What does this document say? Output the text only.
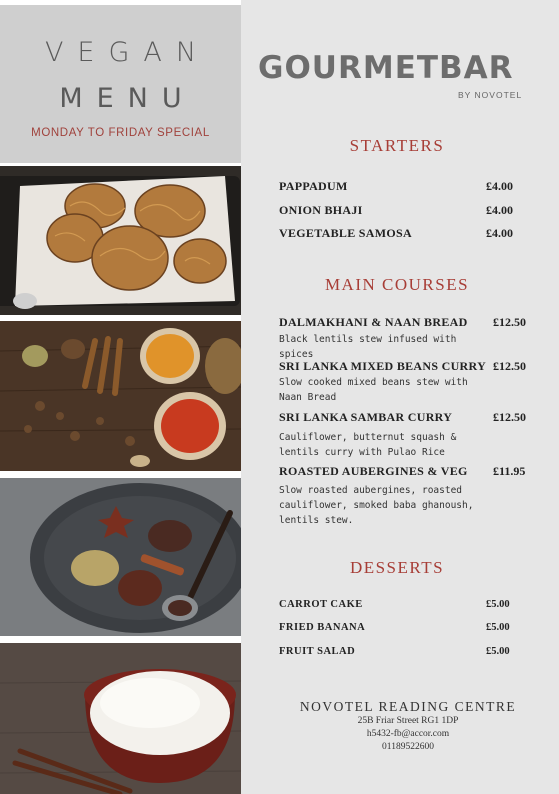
VEGAN
MENU
MONDAY TO FRIDAY SPECIAL
GOURMETBAR
BY NOVOTEL
STARTERS
PAPPADUM	£4.00
ONION BHAJI	£4.00
VEGETABLE SAMOSA	£4.00
MAIN COURSES
DALMAKHANI & NAAN BREAD £12.50
Black lentils stew infused with spices
SRI LANKA MIXED BEANS CURRY £12.50
Slow cooked mixed beans stew with Naan Bread
SRI LANKA SAMBAR CURRY	£12.50
Cauliflower, butternut squash & lentils curry with Pulao Rice
ROASTED AUBERGINES & VEG £11.95
Slow roasted aubergines, roasted cauliflower, smoked baba ghanoush, lentils stew.
DESSERTS
CARROT CAKE	£5.00
FRIED BANANA	£5.00
FRUIT SALAD	£5.00
NOVOTEL READING CENTRE
25B Friar Street RG1 1DP
h5432-fb@accor.com
01189522600
